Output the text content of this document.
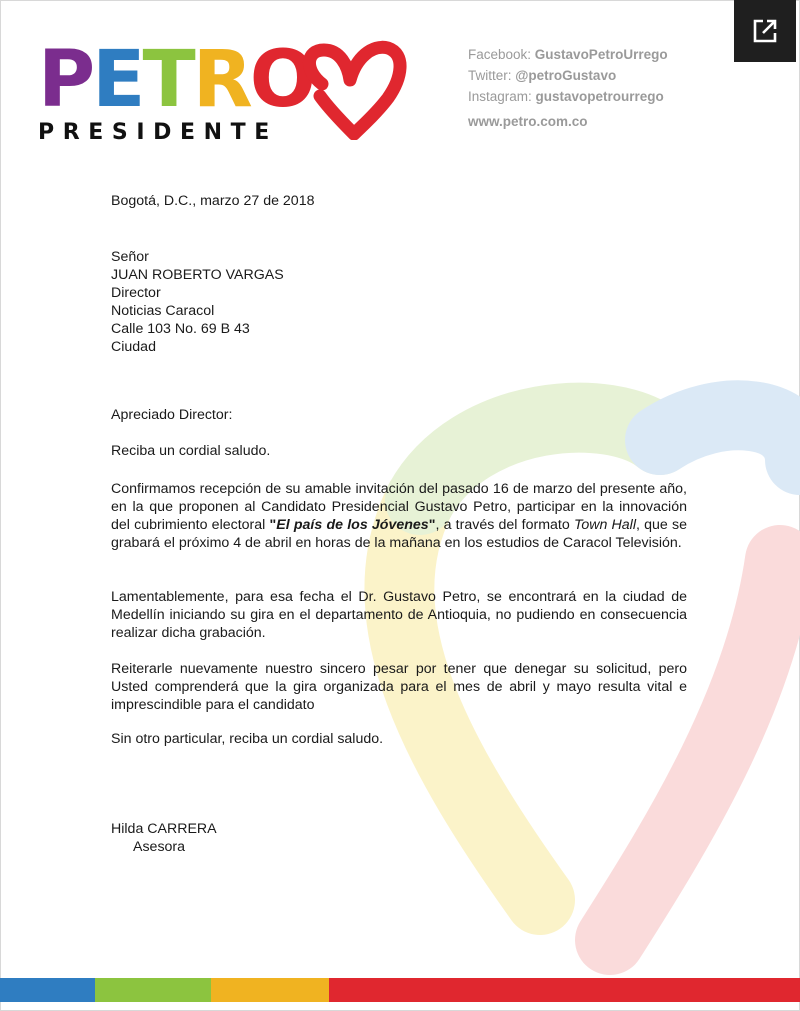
PETRO
PRESIDENTE
Facebook: GustavoPetroUrrego
Twitter: @petroGustavo
Instagram: gustavopetrourrego
www.petro.com.co
Bogotá, D.C., marzo 27 de 2018
Señor
JUAN ROBERTO VARGAS
Director
Noticias Caracol
Calle 103 No. 69 B 43
Ciudad
Apreciado Director:
Reciba un cordial saludo.
Confirmamos recepción de su amable invitación del pasado 16 de marzo del presente año, en la que proponen al Candidato Presidencial Gustavo Petro, participar en la innovación del cubrimiento electoral "El país de los Jóvenes", a través del formato Town Hall, que se grabará el próximo 4 de abril en horas de la mañana en los estudios de Caracol Televisión.
Lamentablemente, para esa fecha el Dr. Gustavo Petro, se encontrará en la ciudad de Medellín iniciando su gira en el departamento de Antioquia, no pudiendo en consecuencia realizar dicha grabación.
Reiterarle nuevamente nuestro sincero pesar por tener que denegar su solicitud, pero Usted comprenderá que la gira organizada para el mes de abril y mayo resulta vital e imprescindible para el candidato
Sin otro particular, reciba un cordial saludo.
Hilda CARRERA
Asesora
